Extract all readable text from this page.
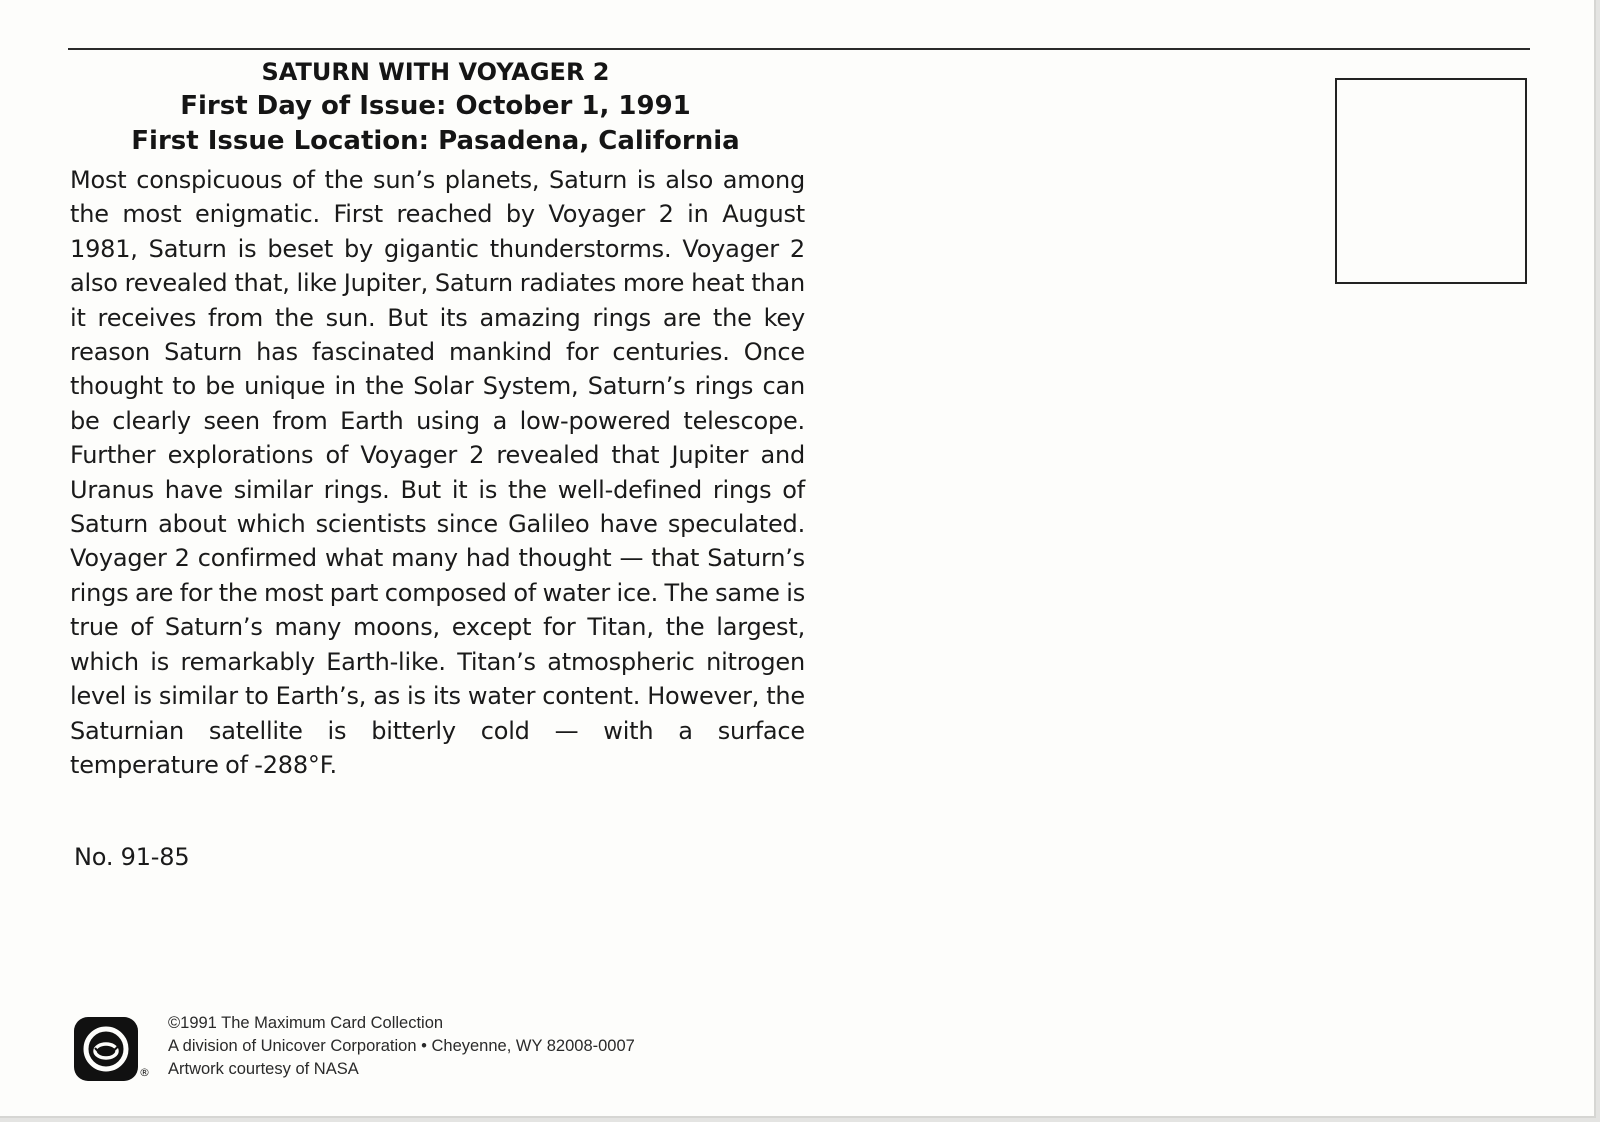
SATURN WITH VOYAGER 2
First Day of Issue: October 1, 1991
First Issue Location: Pasadena, California
Most conspicuous of the sun’s planets, Saturn is also among the most enigmatic. First reached by Voyager 2 in August 1981, Saturn is beset by gigantic thunderstorms. Voyager 2 also revealed that, like Jupiter, Saturn radiates more heat than it receives from the sun. But its amazing rings are the key reason Saturn has fascinated mankind for centuries. Once thought to be unique in the Solar System, Saturn’s rings can be clearly seen from Earth using a low-powered telescope. Further explorations of Voyager 2 revealed that Jupiter and Uranus have similar rings. But it is the well-defined rings of Saturn about which scientists since Galileo have speculated. Voyager 2 confirmed what many had thought — that Saturn’s rings are for the most part composed of water ice. The same is true of Saturn’s many moons, except for Titan, the largest, which is remarkably Earth-like. Titan’s atmospheric nitrogen level is similar to Earth’s, as is its water content. However, the Saturnian satellite is bitterly cold — with a surface temperature of -288°F.
No. 91-85
®
©1991 The Maximum Card Collection
A division of Unicover Corporation • Cheyenne, WY 82008-0007
Artwork courtesy of NASA
